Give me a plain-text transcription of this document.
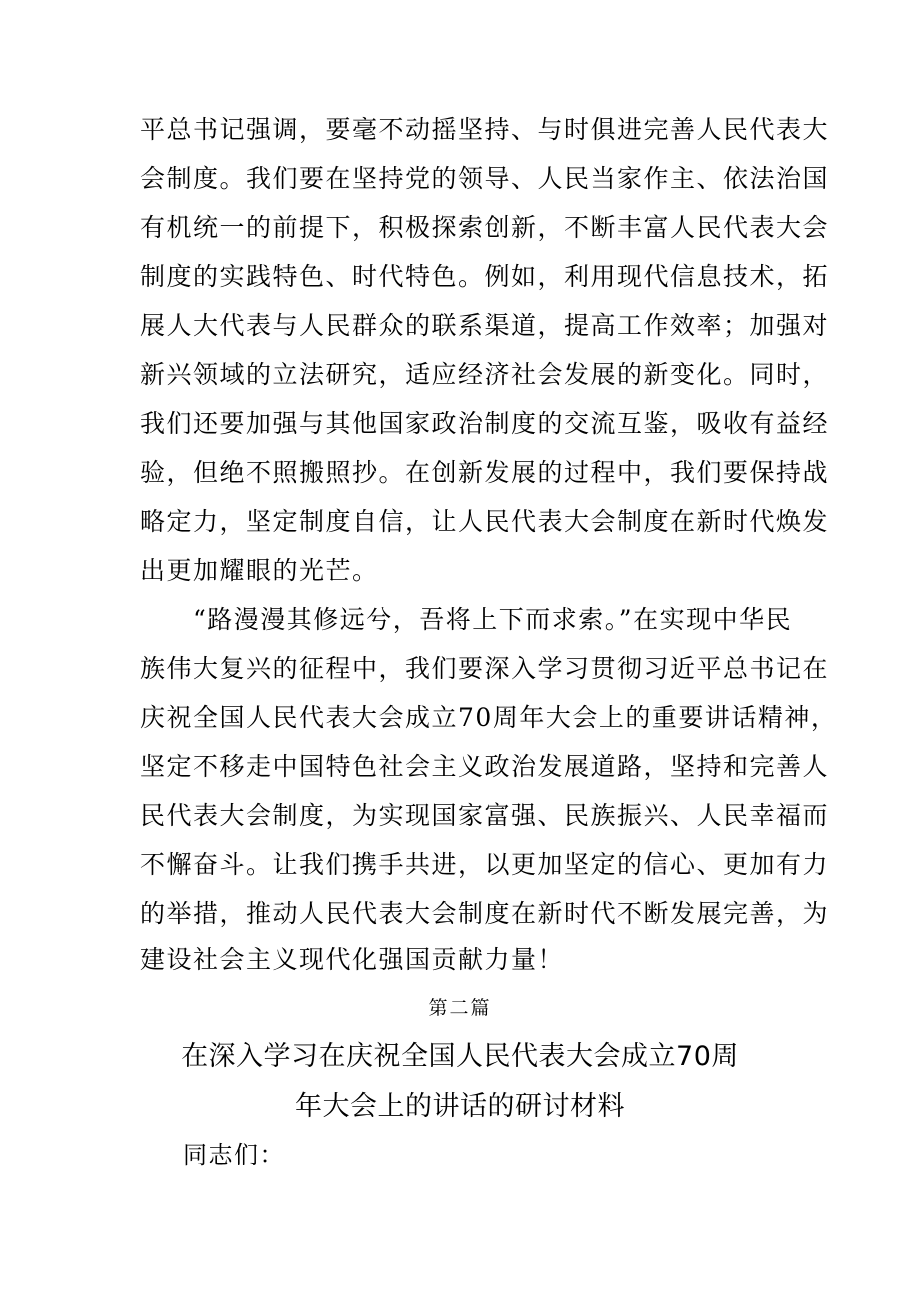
平总书记强调，要毫不动摇坚持、与时俱进完善人民代表大
会制度。我们要在坚持党的领导、人民当家作主、依法治国
有机统一的前提下，积极探索创新，不断丰富人民代表大会
制度的实践特色、时代特色。例如，利用现代信息技术，拓
展人大代表与人民群众的联系渠道，提高工作效率；加强对
新兴领域的立法研究，适应经济社会发展的新变化。同时，
我们还要加强与其他国家政治制度的交流互鉴，吸收有益经
验，但绝不照搬照抄。在创新发展的过程中，我们要保持战
略定力，坚定制度自信，让人民代表大会制度在新时代焕发
出更加耀眼的光芒。
　　“路漫漫其修远兮，吾将上下而求索。”在实现中华民
族伟大复兴的征程中，我们要深入学习贯彻习近平总书记在
庆祝全国人民代表大会成立70周年大会上的重要讲话精神，
坚定不移走中国特色社会主义政治发展道路，坚持和完善人
民代表大会制度，为实现国家富强、民族振兴、人民幸福而
不懈奋斗。让我们携手共进，以更加坚定的信心、更加有力
的举措，推动人民代表大会制度在新时代不断发展完善，为
建设社会主义现代化强国贡献力量！
第二篇
在深入学习在庆祝全国人民代表大会成立70周
年大会上的讲话的研讨材料
同志们：
